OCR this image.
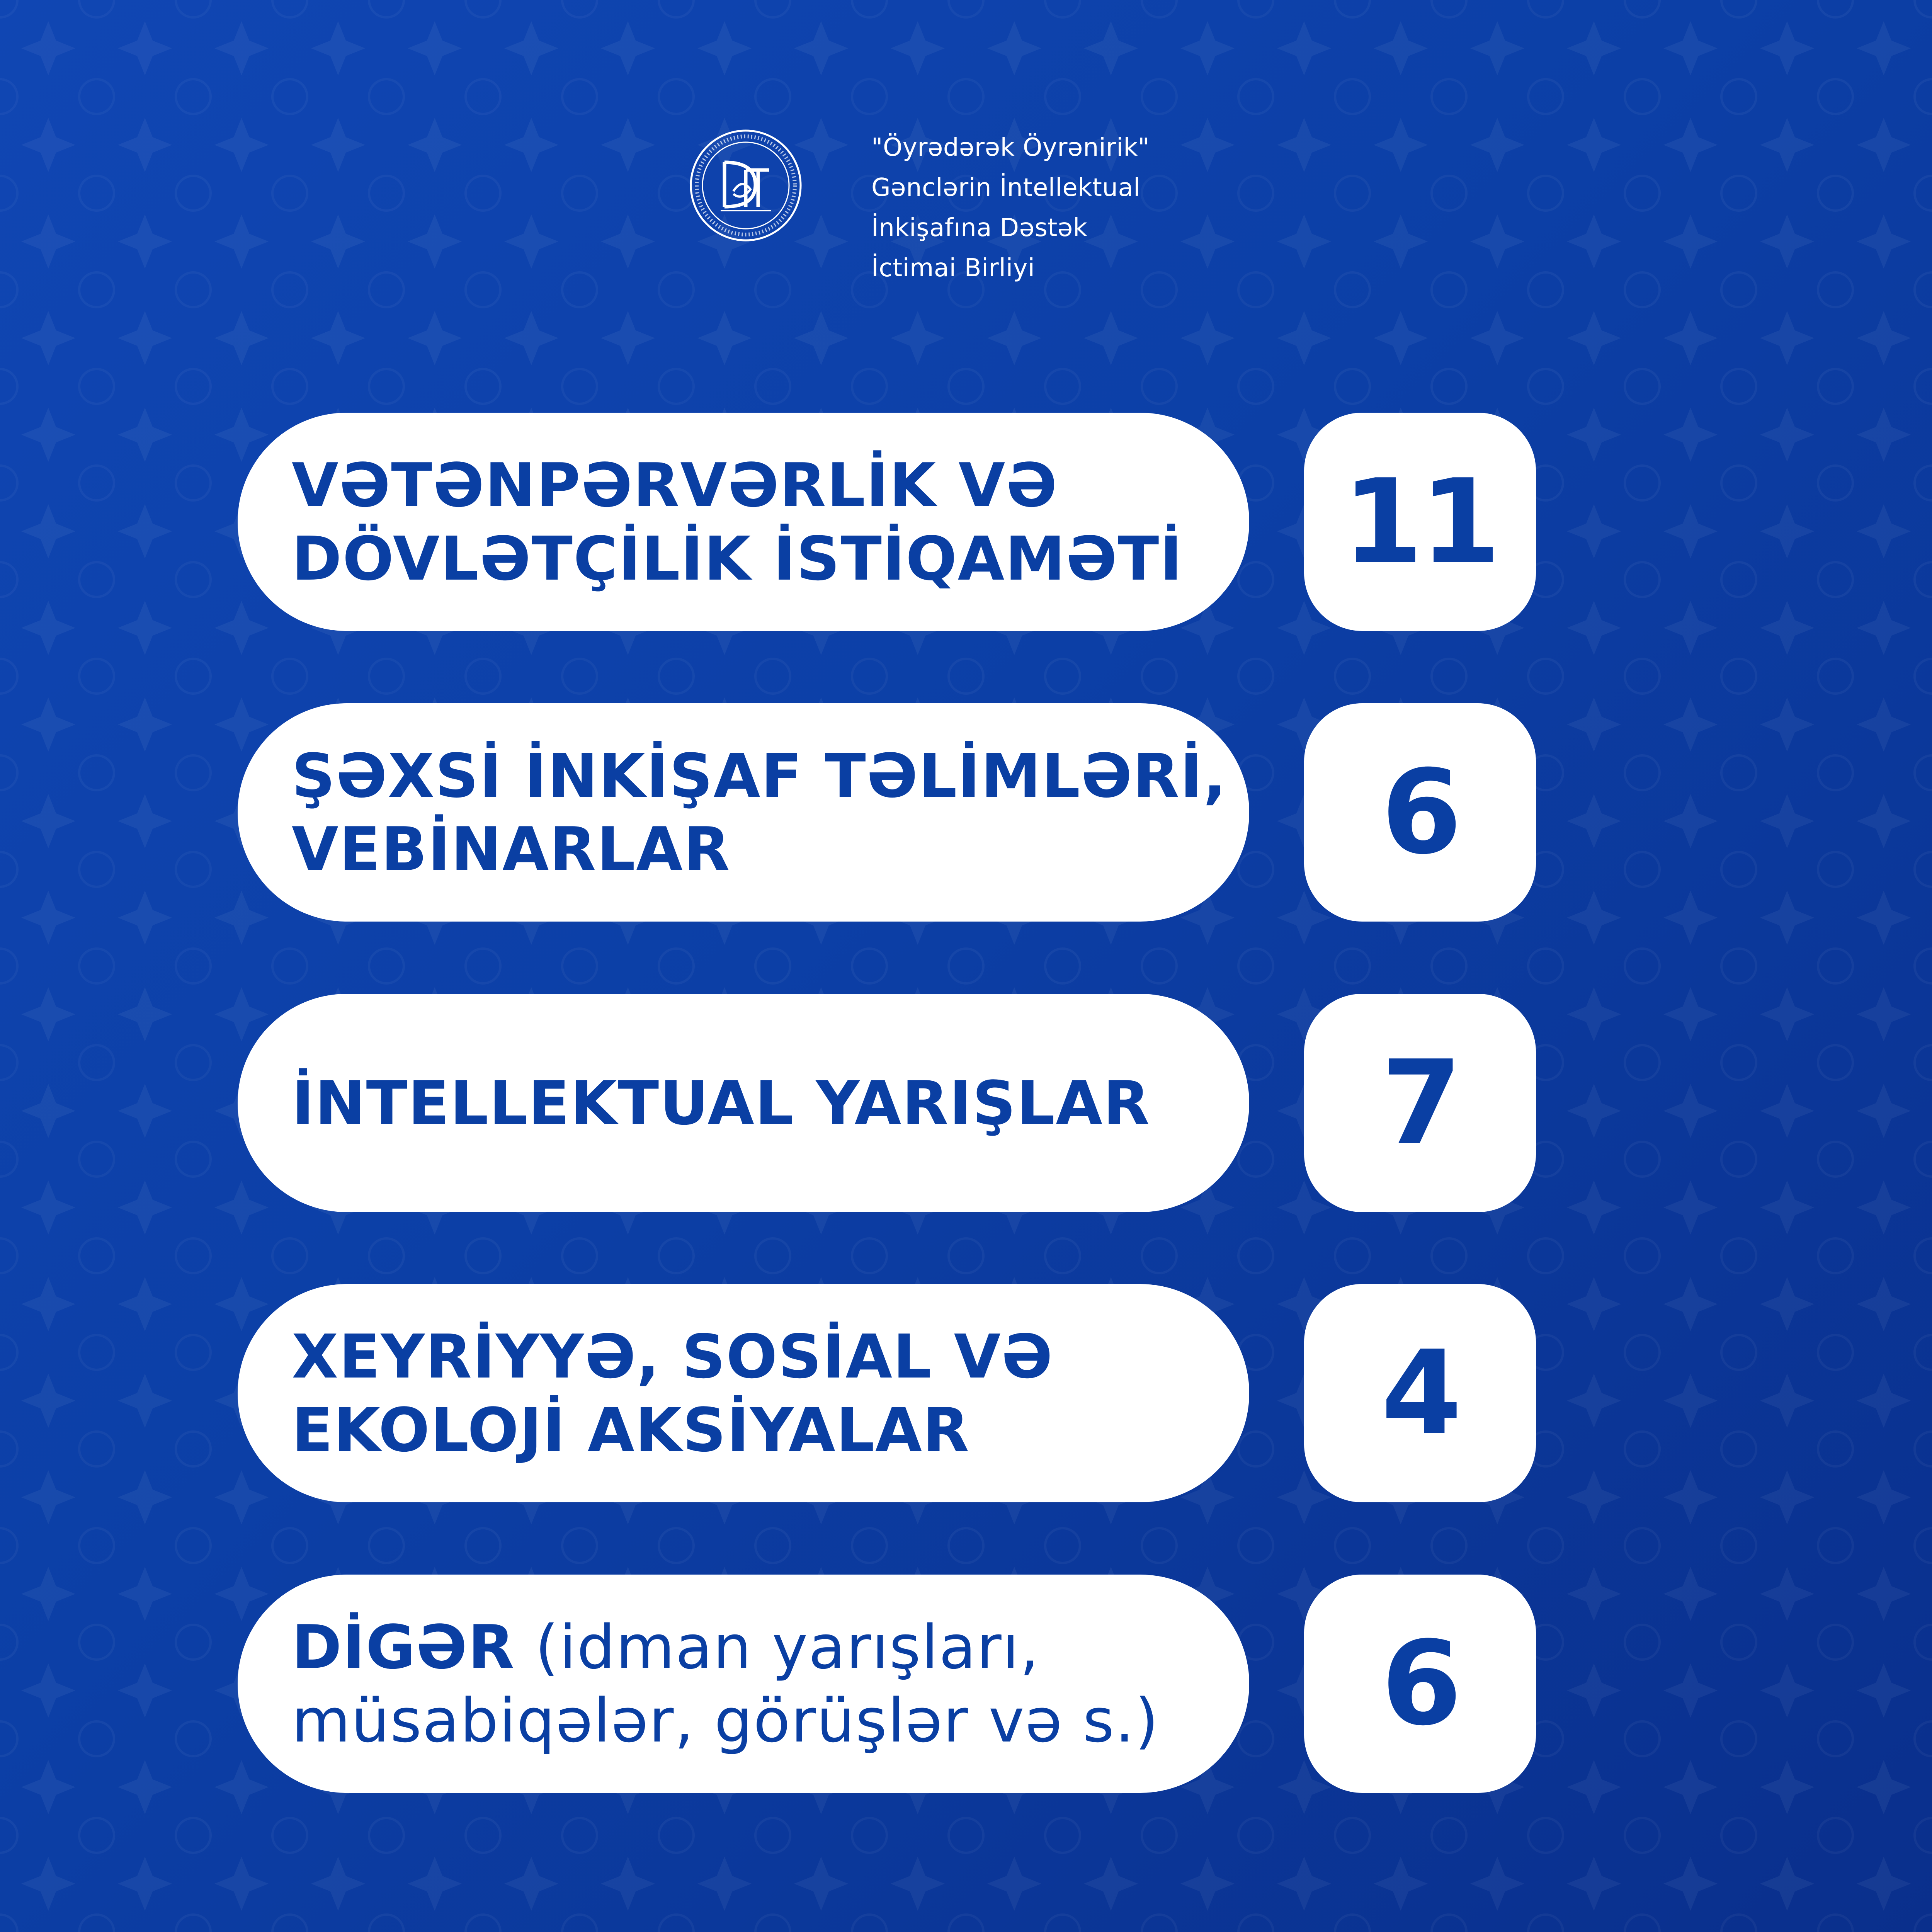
"Öyrədərək Öyrənirik"
Gənclərin İntellektual
İnkişafına Dəstək
İctimai Birliyi
VƏTƏNPƏRVƏRLİK VƏ
DÖVLƏTÇİLİK İSTİQAMƏTİ 11
ŞƏXSİ İNKİŞAF TƏLİMLƏRİ,
VEBİNARLAR	6
İNTELLEKTUAL YARIŞLAR 7
XEYRİYYƏ, SOSİAL VƏ
EKOLOJİ AKSİYALAR	4
DİGƏR (idman yarışları,
müsabiqələr, görüşlər və s.) 6
